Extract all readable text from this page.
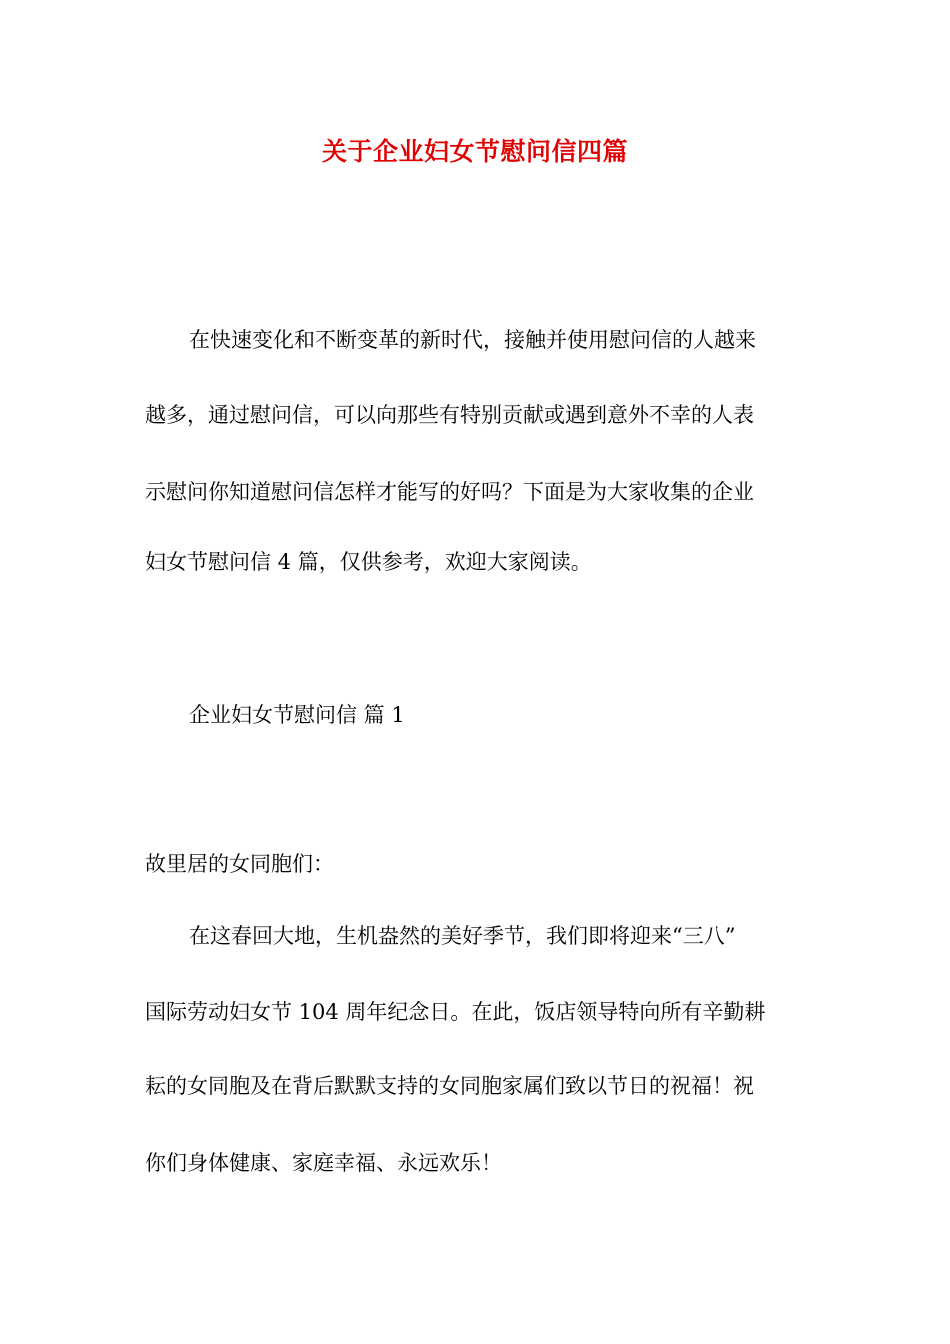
关于企业妇女节慰问信四篇
在快速变化和不断变革的新时代，接触并使用慰问信的人越来
越多，通过慰问信，可以向那些有特别贡献或遇到意外不幸的人表
示慰问你知道慰问信怎样才能写的好吗？下面是为大家收集的企业
妇女节慰问信 4 篇，仅供参考，欢迎大家阅读。
企业妇女节慰问信 篇 1
故里居的女同胞们：
在这春回大地，生机盎然的美好季节，我们即将迎来“三八”
国际劳动妇女节 104 周年纪念日。在此，饭店领导特向所有辛勤耕
耘的女同胞及在背后默默支持的女同胞家属们致以节日的祝福！祝
你们身体健康、家庭幸福、永远欢乐！
